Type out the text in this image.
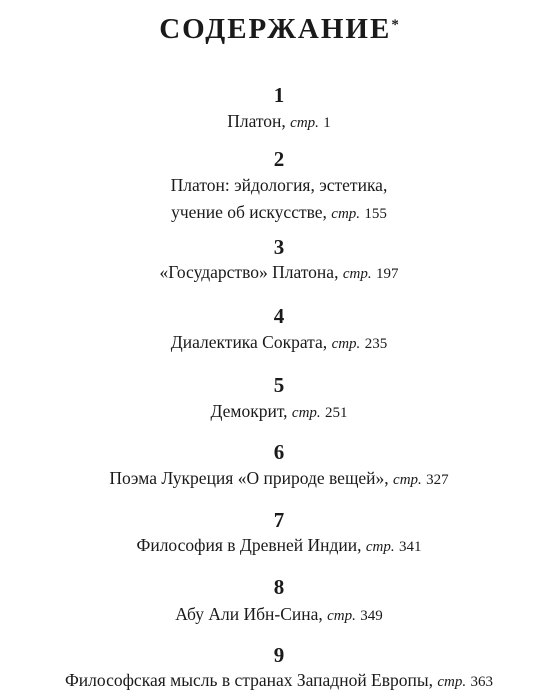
СОДЕРЖАНИЕ*
1
Платон, стр. 1
2
Платон: эйдология, эстетика,
учение об искусстве, стр. 155
3
«Государство» Платона, стр. 197
4
Диалектика Сократа, стр. 235
5
Демокрит, стр. 251
6
Поэма Лукреция «О природе вещей», стр. 327
7
Философия в Древней Индии, стр. 341
8
Абу Али Ибн-Сина, стр. 349
9
Философская мысль в странах Западной Европы, стр. 363
